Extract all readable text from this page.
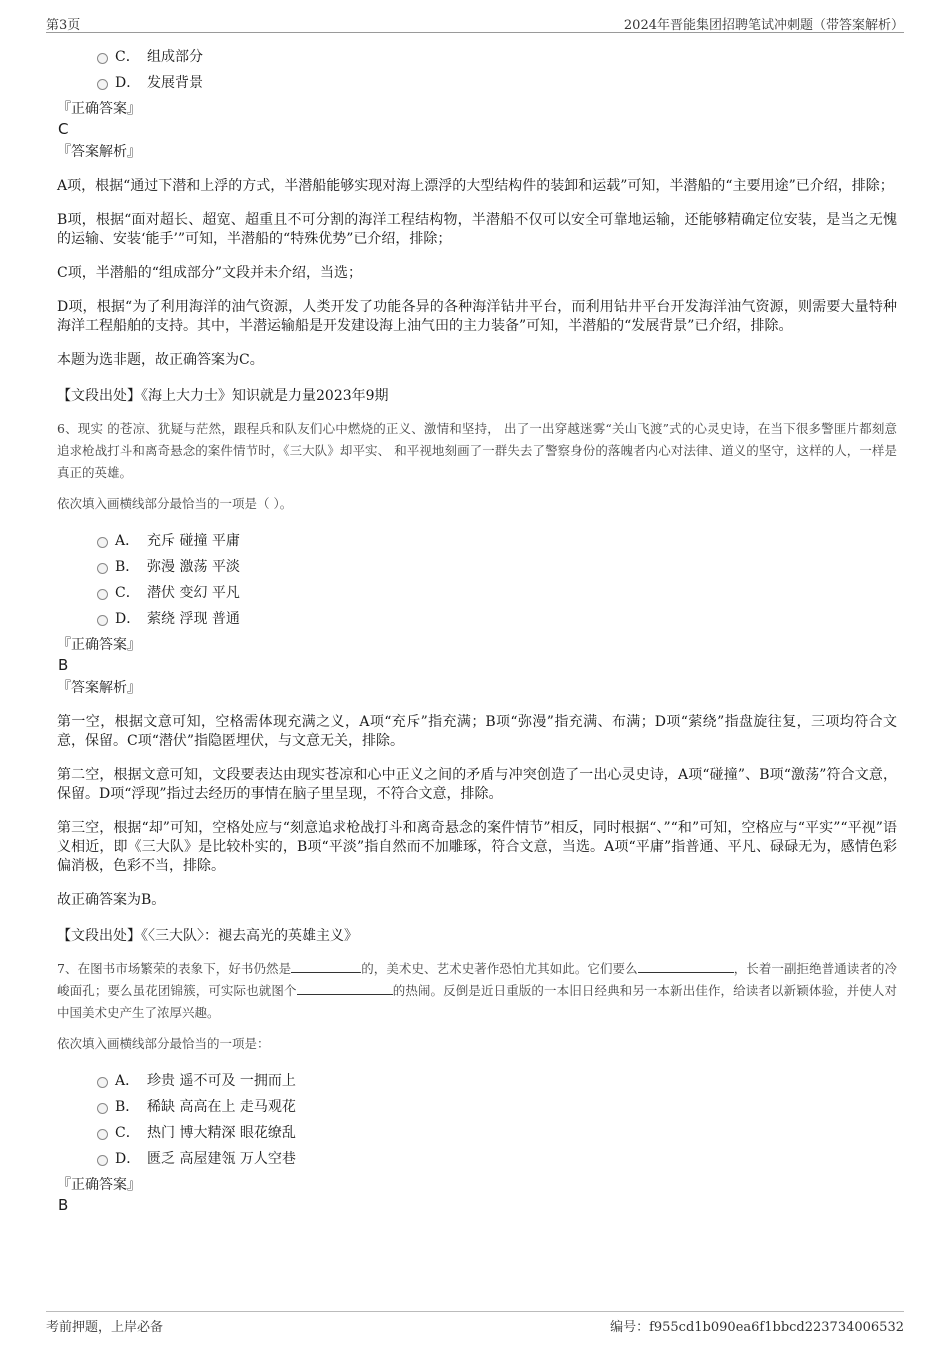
第3页	2024年晋能集团招聘笔试冲刺题（带答案解析）
C． 组成部分
D． 发展背景
『正确答案』
C
『答案解析』

A项，根据“通过下潜和上浮的方式，半潜船能够实现对海上漂浮的大型结构件的装卸和运载”可知，半潜船的“主要用途”已介绍，排除；

B项，根据“面对超长、超宽、超重且不可分割的海洋工程结构物，半潜船不仅可以安全可靠地运输，还能够精确定位安装，是当之无愧的运输、安装‘能手’”可知，半潜船的“特殊优势”已介绍，排除；

C项，半潜船的“组成部分”文段并未介绍，当选；

D项，根据“为了利用海洋的油气资源，人类开发了功能各异的各种海洋钻井平台，而利用钻井平台开发海洋油气资源，则需要大量特种海洋工程船舶的支持。其中，半潜运输船是开发建设海上油气田的主力装备”可知，半潜船的“发展背景”已介绍，排除。

本题为选非题，故正确答案为C。

【文段出处】《海上大力士》知识就是力量2023年9期

6、现实 的苍凉、犹疑与茫然，跟程兵和队友们心中燃烧的正义、激情和坚持， 出了一出穿越迷雾“关山飞渡”式的心灵史诗，在当下很多警匪片都刻意追求枪战打斗和离奇悬念的案件情节时，《三大队》却平实、 和平视地刻画了一群失去了警察身份的落魄者内心对法律、道义的坚守，这样的人，一样是真正的英雄。
依次填入画横线部分最恰当的一项是（ ）。
A． 充斥 碰撞 平庸
B． 弥漫 激荡 平淡
C． 潜伏 变幻 平凡
D． 萦绕 浮现 普通
『正确答案』
B
『答案解析』

第一空，根据文意可知，空格需体现充满之义，A项“充斥”指充满；B项“弥漫”指充满、布满；D项“萦绕”指盘旋往复，三项均符合文意，保留。C项“潜伏”指隐匿埋伏，与文意无关，排除。

第二空，根据文意可知，文段要表达由现实苍凉和心中正义之间的矛盾与冲突创造了一出心灵史诗，A项“碰撞”、B项“激荡”符合文意，保留。D项“浮现”指过去经历的事情在脑子里呈现，不符合文意，排除。

第三空，根据“却”可知，空格处应与“刻意追求枪战打斗和离奇悬念的案件情节”相反，同时根据“、”“和”可知，空格应与“平实”“平视”语义相近，即《三大队》是比较朴实的，B项“平淡”指自然而不加雕琢，符合文意，当选。A项“平庸”指普通、平凡、碌碌无为，感情色彩偏消极，色彩不当，排除。

故正确答案为B。

【文段出处】《〈三大队〉：褪去高光的英雄主义》

7、在图书市场繁荣的表象下，好书仍然是	的，美术史、艺术史著作恐怕尤其如此。它们要么	，长着一副拒绝普通读者的冷峻面孔；要么虽花团锦簇，可实际也就图个	的热闹。反倒是近日重版的一本旧日经典和另一本新出佳作，给读者以新颖体验，并使人对中国美术史产生了浓厚兴趣。
依次填入画横线部分最恰当的一项是：
A． 珍贵 遥不可及 一拥而上
B． 稀缺 高高在上 走马观花
C． 热门 博大精深 眼花缭乱
D． 匮乏 高屋建瓴 万人空巷
『正确答案』
B
考前押题，上岸必备	编号：f955cd1b090ea6f1bbcd223734006532
